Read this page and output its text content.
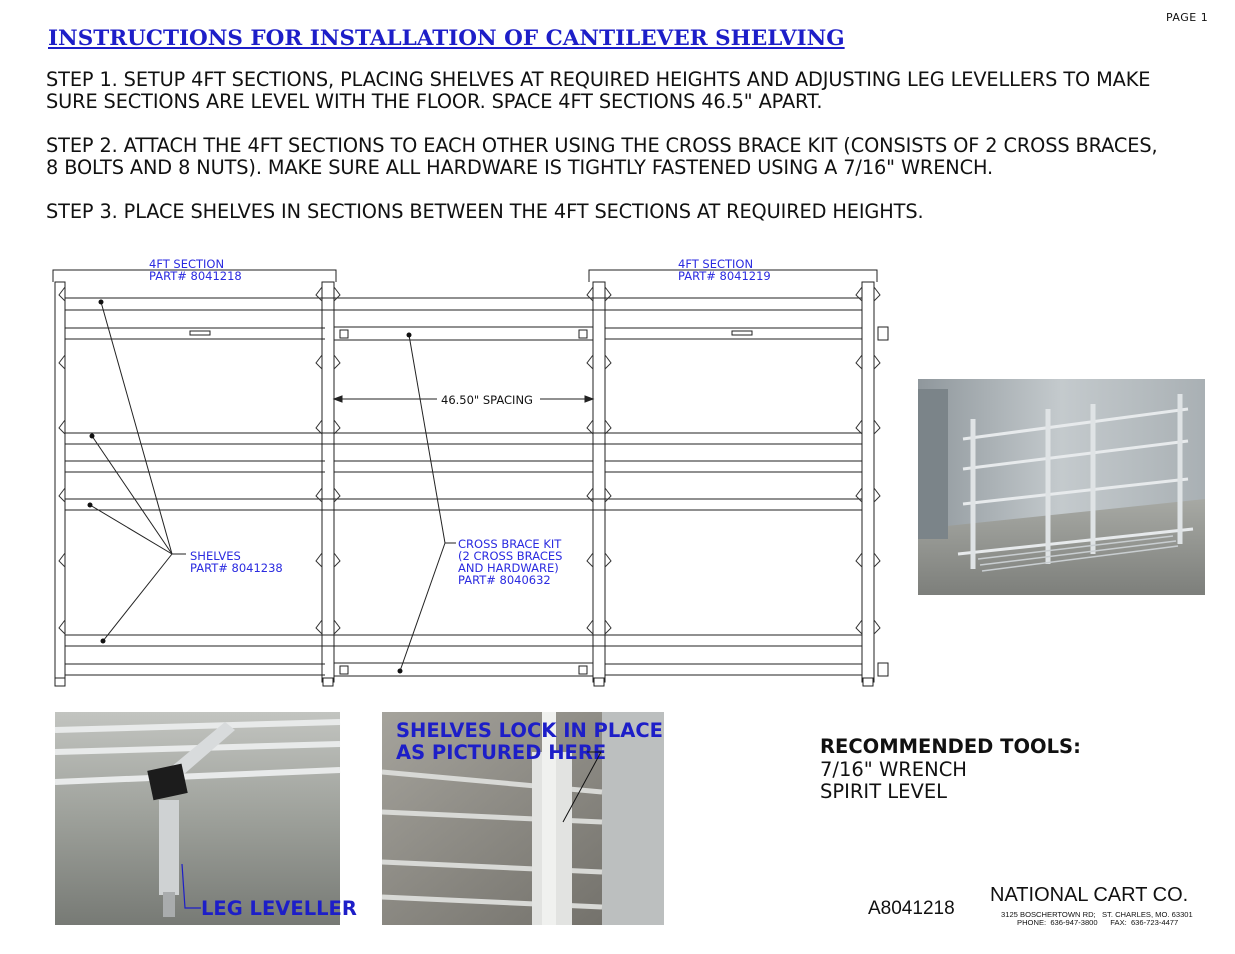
PAGE 1
INSTRUCTIONS FOR INSTALLATION OF CANTILEVER SHELVING
STEP 1. SETUP 4FT SECTIONS, PLACING SHELVES AT REQUIRED HEIGHTS AND ADJUSTING LEG LEVELLERS TO MAKE
SURE SECTIONS ARE LEVEL WITH THE FLOOR. SPACE 4FT SECTIONS 46.5" APART.
STEP 2. ATTACH THE 4FT SECTIONS TO EACH OTHER USING THE CROSS BRACE KIT (CONSISTS OF 2 CROSS BRACES,
8 BOLTS AND 8 NUTS). MAKE SURE ALL HARDWARE IS TIGHTLY FASTENED USING A 7/16" WRENCH.
STEP 3. PLACE SHELVES IN SECTIONS BETWEEN THE 4FT SECTIONS AT REQUIRED HEIGHTS.
4FT SECTION
PART# 8041218
4FT SECTION
PART# 8041219
46.50" SPACING
SHELVES
PART# 8041238
CROSS BRACE KIT
(2 CROSS BRACES
AND HARDWARE)
PART# 8040632
LEG LEVELLER
SHELVES LOCK IN PLACE
AS PICTURED HERE	RECOMMENDED TOOLS:
7/16" WRENCH
SPIRIT LEVEL
A8041218
NATIONAL CART CO.
3125 BOSCHERTOWN RD;   ST. CHARLES, MO. 63301
PHONE:  636-947-3800      FAX:  636-723-4477
